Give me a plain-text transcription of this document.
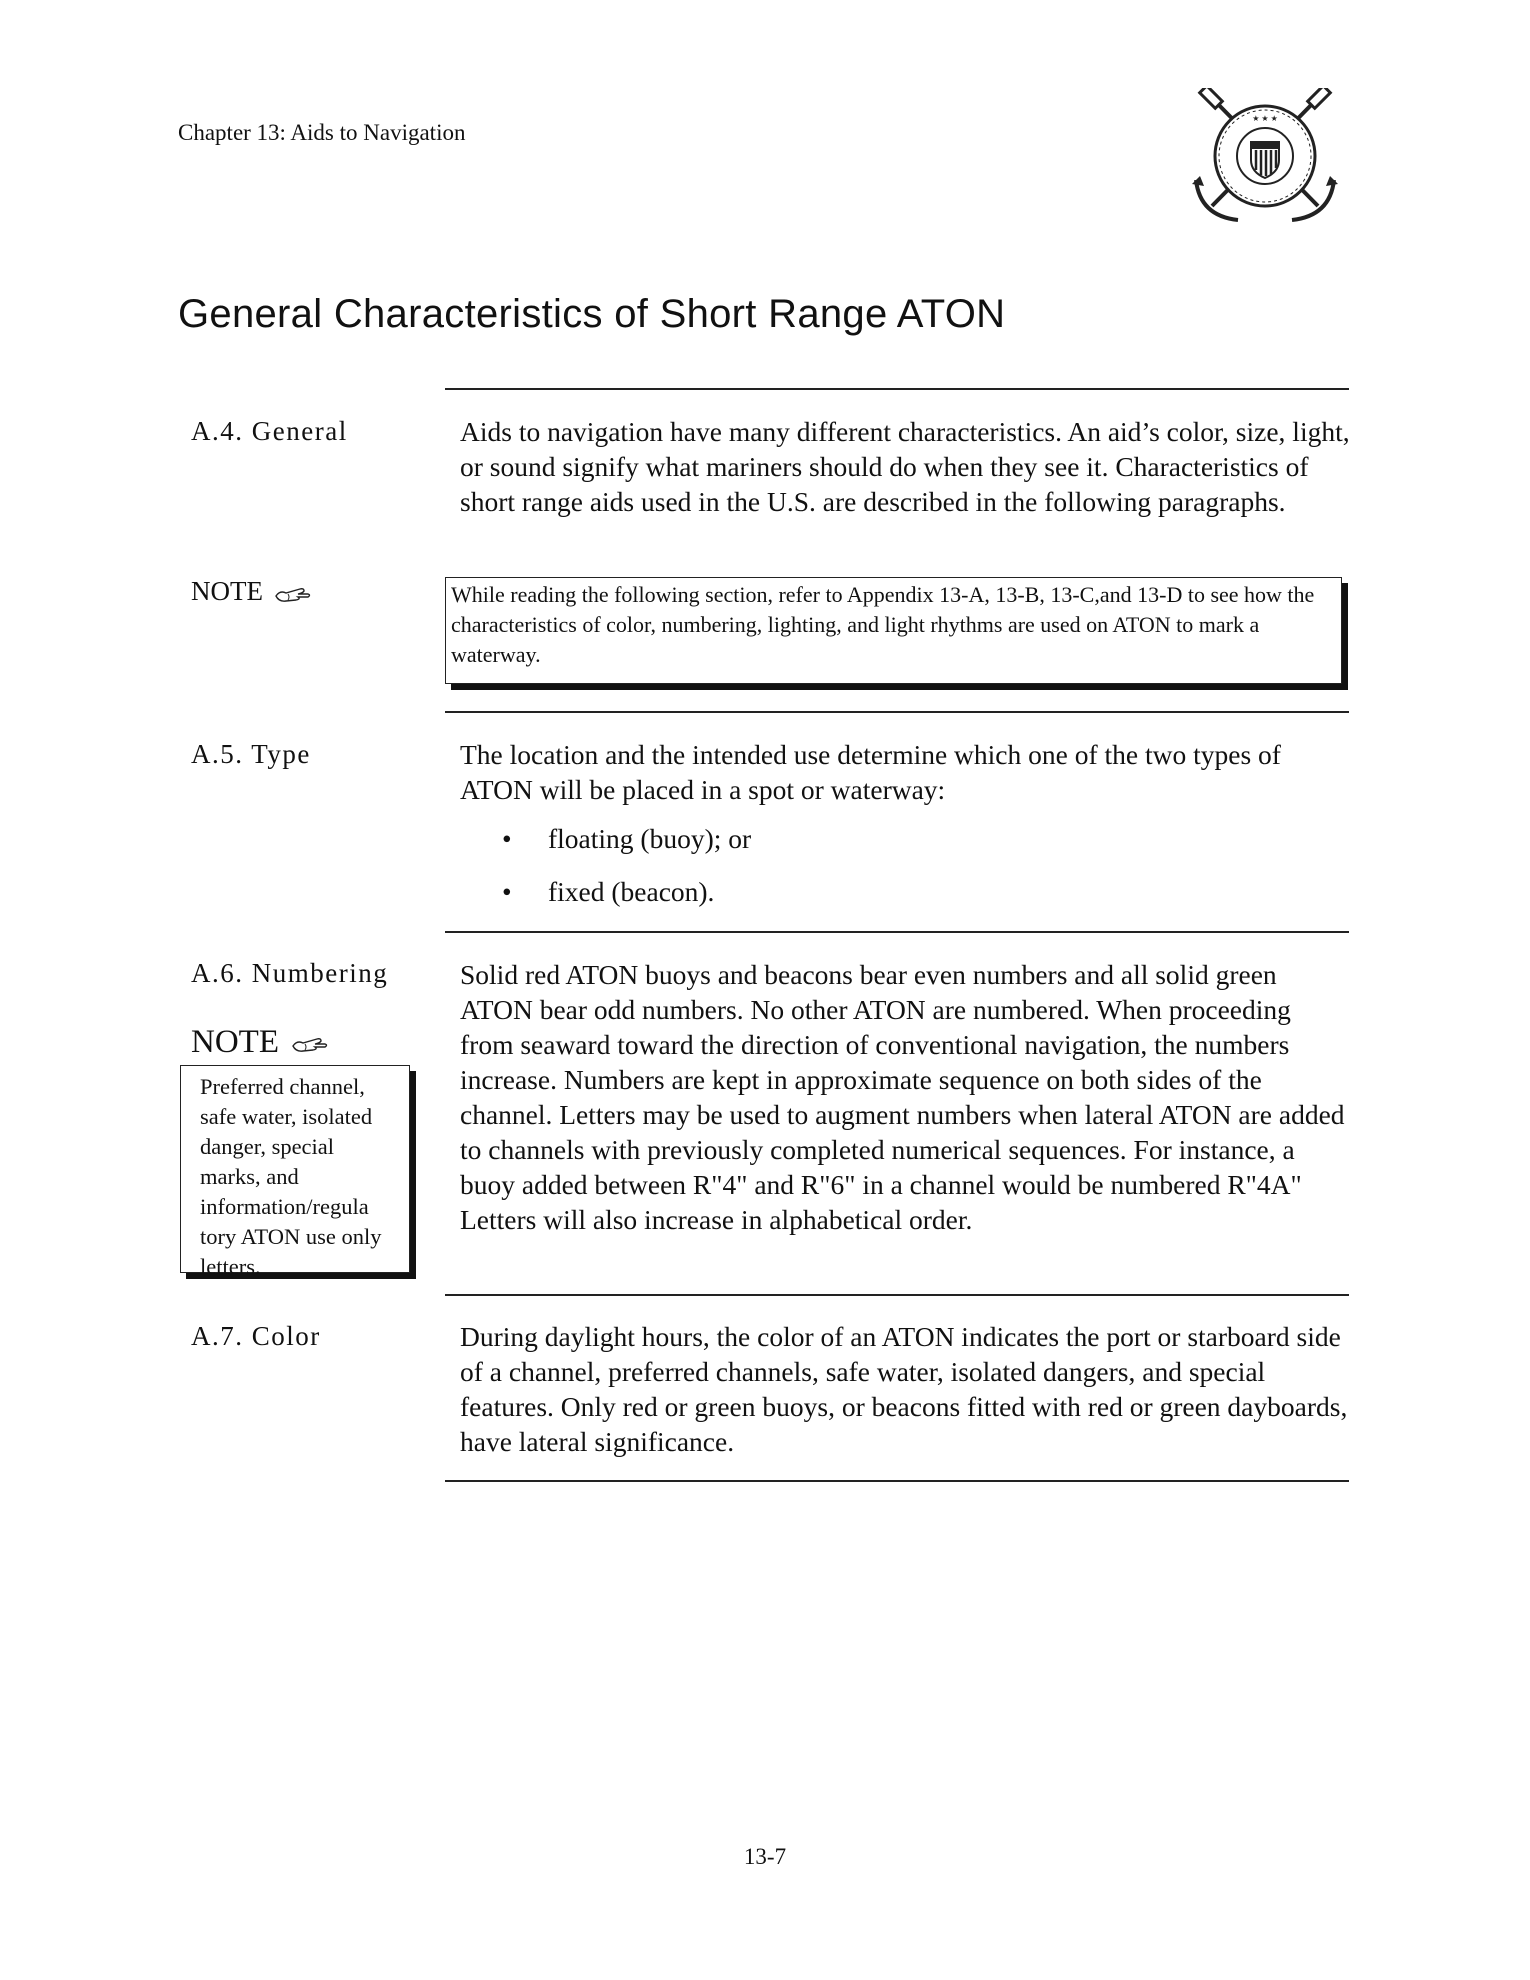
Chapter 13: Aids to Navigation
★ ★ ★
General Characteristics of Short Range ATON
A.4. General	Aids to navigation have many different characteristics. An aid’s color, size, light, or sound signify what mariners should do when they see it. Characteristics of short range aids used in the U.S. are described in the following paragraphs.
NOTE	While reading the following section, refer to Appendix 13-A, 13-B, 13-C,and 13-D to see how the characteristics of color, numbering, lighting, and light rhythms are used on ATON to mark a waterway.
A.5. Type	The location and the intended use determine which one of the two types of ATON will be placed in a spot or waterway:
• floating (buoy); or
• fixed (beacon).
A.6. Numbering	Solid red ATON buoys and beacons bear even numbers and all solid green ATON bear odd numbers. No other ATON are numbered. When proceeding from seaward toward the direction of conventional navigation, the numbers increase. Numbers are kept in approximate sequence on both sides of the channel. Letters may be used to augment numbers when lateral ATON are added to channels with previously completed numerical sequences. For instance, a buoy added between R"4" and R"6" in a channel would be numbered R"4A" Letters will also increase in alphabetical order.
NOTE
Preferred channel, safe water, isolated danger, special marks, and information/regula tory ATON use only letters.
A.7. Color	During daylight hours, the color of an ATON indicates the port or starboard side of a channel, preferred channels, safe water, isolated dangers, and special features. Only red or green buoys, or beacons fitted with red or green dayboards, have lateral significance.
13-7
